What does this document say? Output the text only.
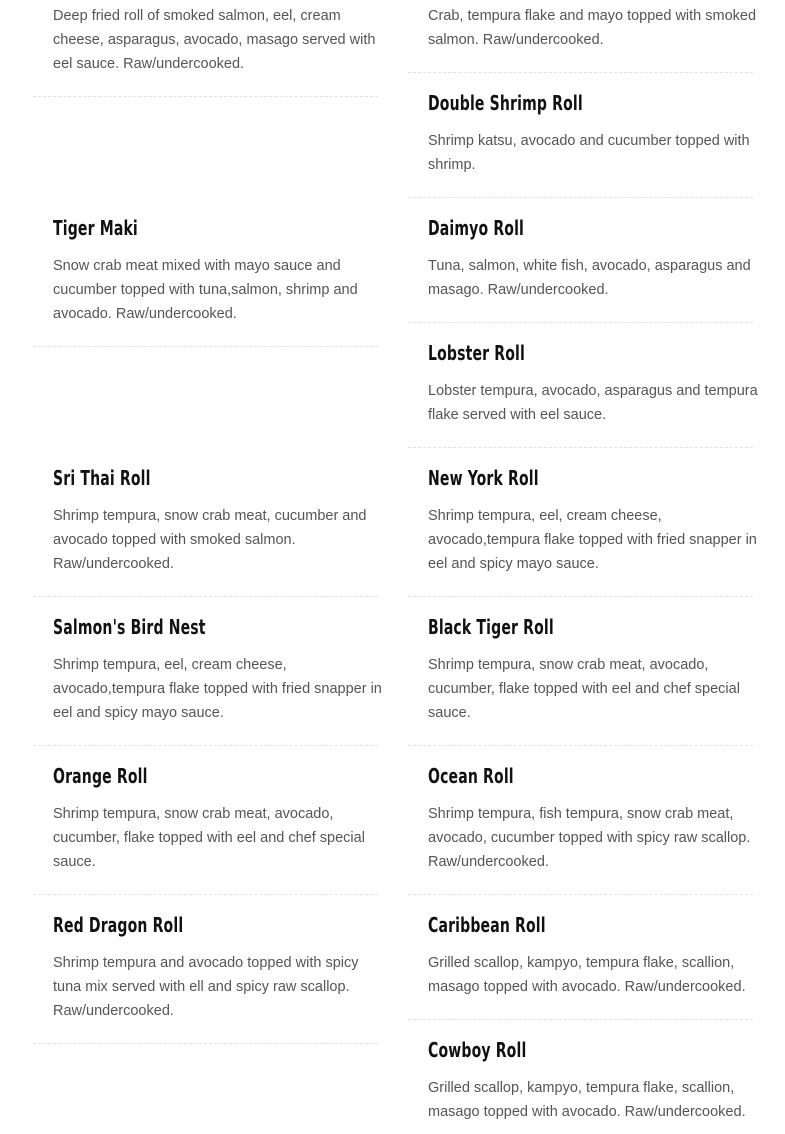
Deep fried roll of smoked salmon, eel, cream cheese, asparagus, avocado, masago served with eel sauce. Raw/undercooked.

Tiger Maki

Snow crab meat mixed with mayo sauce and cucumber topped with tuna,salmon, shrimp and avocado. Raw/undercooked.

Sri Thai Roll

Shrimp tempura, snow crab meat, cucumber and avocado topped with smoked salmon. Raw/undercooked.

Salmon's Bird Nest

Shrimp tempura, eel, cream cheese, avocado,tempura flake topped with fried snapper in eel and spicy mayo sauce.

Orange Roll

Shrimp tempura, snow crab meat, avocado, cucumber, flake topped with eel and chef special sauce.

Red Dragon Roll

Shrimp tempura and avocado topped with spicy tuna mix served with ell and spicy raw scallop. Raw/undercooked.

Crab, tempura flake and mayo topped with smoked salmon. Raw/undercooked.

Double Shrimp Roll

Shrimp katsu, avocado and cucumber topped with shrimp.

Daimyo Roll

Tuna, salmon, white fish, avocado, asparagus and masago. Raw/undercooked.

Lobster Roll

Lobster tempura, avocado, asparagus and tempura flake served with eel sauce.

New York Roll

Shrimp tempura, eel, cream cheese, avocado,tempura flake topped with fried snapper in eel and spicy mayo sauce.

Black Tiger Roll

Shrimp tempura, snow crab meat, avocado, cucumber, flake topped with eel and chef special sauce.

Ocean Roll

Shrimp tempura, fish tempura, snow crab meat, avocado, cucumber topped with spicy raw scallop. Raw/undercooked.

Caribbean Roll

Grilled scallop, kampyo, tempura flake, scallion, masago topped with avocado. Raw/undercooked.

Cowboy Roll

Grilled scallop, kampyo, tempura flake, scallion, masago topped with avocado. Raw/undercooked.
